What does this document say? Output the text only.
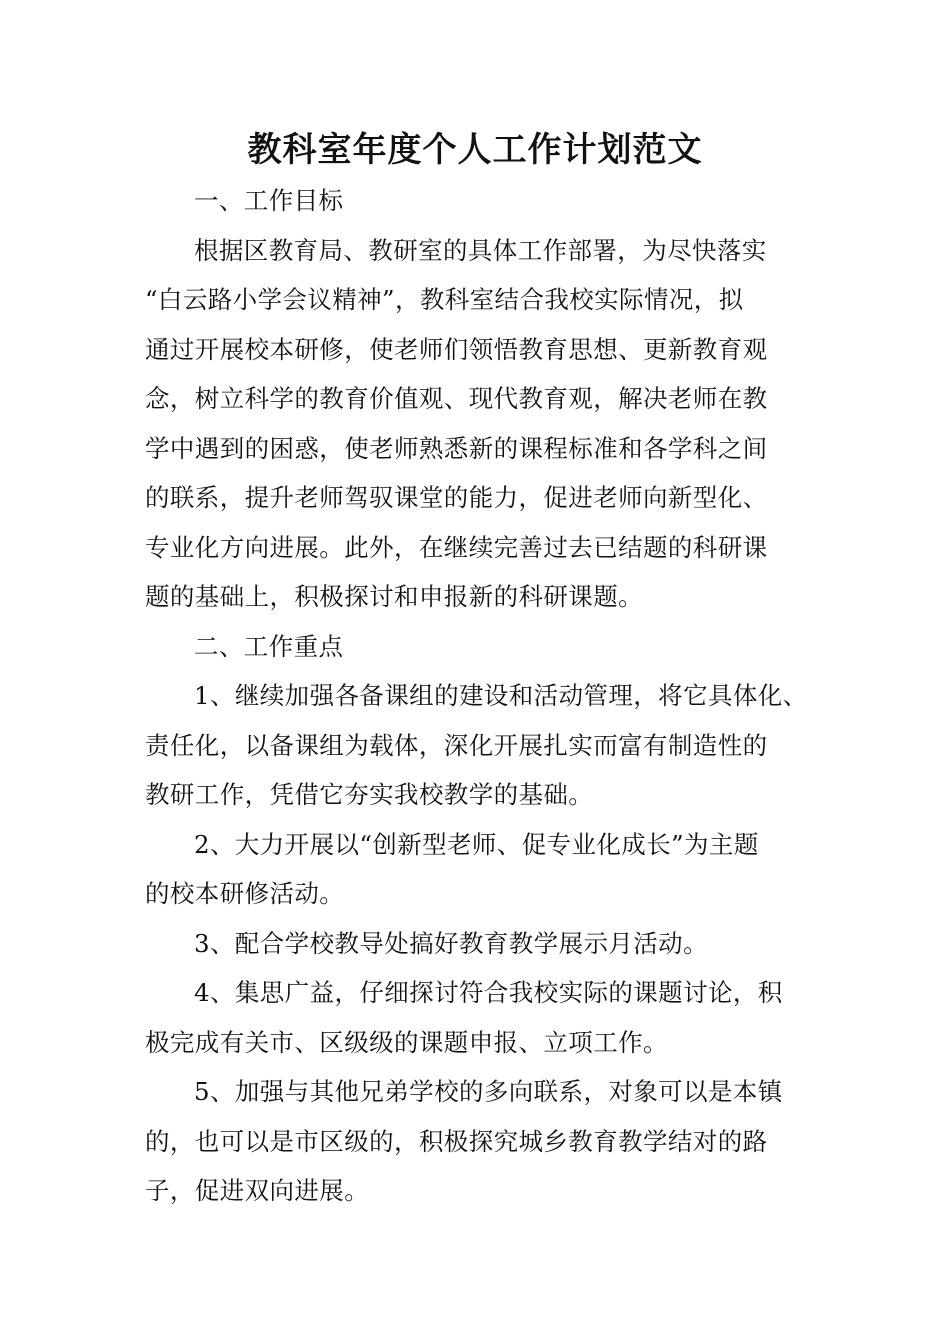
教科室年度个人工作计划范文
一、工作目标
根据区教育局、教研室的具体工作部署，为尽快落实
“白云路小学会议精神”，教科室结合我校实际情况，拟
通过开展校本研修，使老师们领悟教育思想、更新教育观
念，树立科学的教育价值观、现代教育观，解决老师在教
学中遇到的困惑，使老师熟悉新的课程标准和各学科之间
的联系，提升老师驾驭课堂的能力，促进老师向新型化、
专业化方向进展。此外，在继续完善过去已结题的科研课
题的基础上，积极探讨和申报新的科研课题。
二、工作重点
1、继续加强各备课组的建设和活动管理，将它具体化、
责任化，以备课组为载体，深化开展扎实而富有制造性的
教研工作，凭借它夯实我校教学的基础。
2、大力开展以“创新型老师、促专业化成长”为主题
的校本研修活动。
3、配合学校教导处搞好教育教学展示月活动。
4、集思广益，仔细探讨符合我校实际的课题讨论，积
极完成有关市、区级级的课题申报、立项工作。
5、加强与其他兄弟学校的多向联系，对象可以是本镇
的，也可以是市区级的，积极探究城乡教育教学结对的路
子，促进双向进展。
